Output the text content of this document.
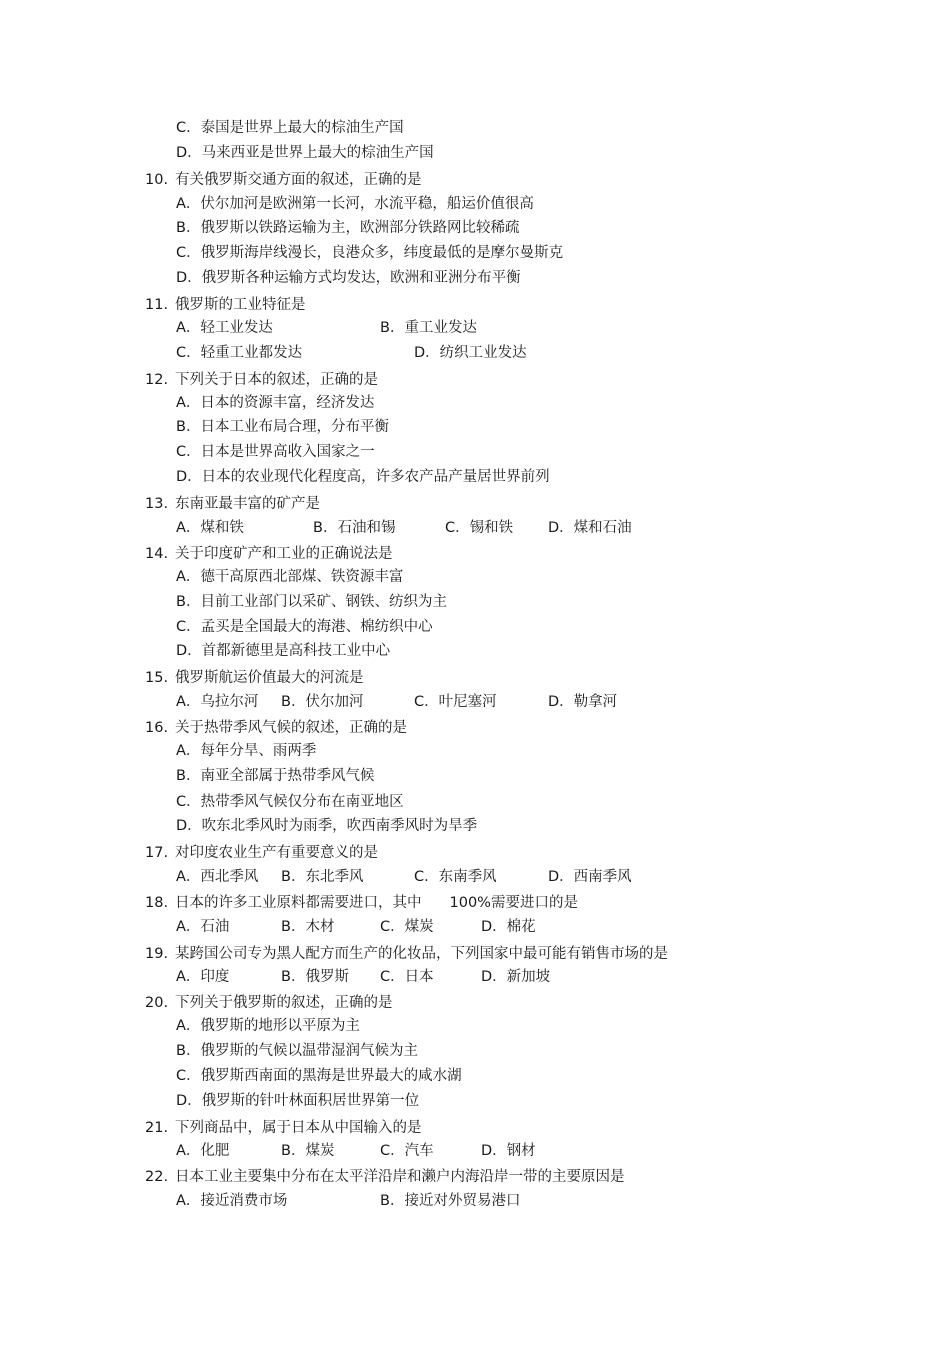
C．泰国是世界上最大的棕油生产国
D．马来西亚是世界上最大的棕油生产国
10. 有关俄罗斯交通方面的叙述，正确的是
A．伏尔加河是欧洲第一长河，水流平稳，船运价值很高
B．俄罗斯以铁路运输为主，欧洲部分铁路网比较稀疏
C．俄罗斯海岸线漫长，良港众多，纬度最低的是摩尔曼斯克
D．俄罗斯各种运输方式均发达，欧洲和亚洲分布平衡
11. 俄罗斯的工业特征是
A．轻工业发达	B．重工业发达
C．轻重工业都发达	D．纺织工业发达
12. 下列关于日本的叙述，正确的是
A．日本的资源丰富，经济发达
B．日本工业布局合理，分布平衡
C．日本是世界高收入国家之一
D．日本的农业现代化程度高，许多农产品产量居世界前列
13. 东南亚最丰富的矿产是
A．煤和铁	B．石油和锡	C．锡和铁 D．煤和石油
14. 关于印度矿产和工业的正确说法是
A．德干高原西北部煤、铁资源丰富
B．目前工业部门以采矿、钢铁、纺织为主
C．孟买是全国最大的海港、棉纺织中心
D．首都新德里是高科技工业中心
15. 俄罗斯航运价值最大的河流是
A．乌拉尔河 B．伏尔加河	C．叶尼塞河	D．勒拿河
16. 关于热带季风气候的叙述，正确的是
A．每年分旱、雨两季
B．南亚全部属于热带季风气候
C．热带季风气候仅分布在南亚地区
D．吹东北季风时为雨季，吹西南季风时为旱季
17. 对印度农业生产有重要意义的是
A．西北季风 B．东北季风	C．东南季风	D．西南季风
18. 日本的许多工业原料都需要进口，其中 100%需要进口的是
A．石油	B．木材	C．煤炭	D．棉花
19. 某跨国公司专为黑人配方而生产的化妆品，下列国家中最可能有销售市场的是
A．印度	B．俄罗斯 C．日本	D．新加坡
20. 下列关于俄罗斯的叙述，正确的是
A．俄罗斯的地形以平原为主
B．俄罗斯的气候以温带湿润气候为主
C．俄罗斯西南面的黑海是世界最大的咸水湖
D．俄罗斯的针叶林面积居世界第一位
21. 下列商品中，属于日本从中国输入的是
A．化肥	B．煤炭	C．汽车	D．钢材
22. 日本工业主要集中分布在太平洋沿岸和濑户内海沿岸一带的主要原因是
A．接近消费市场	B．接近对外贸易港口
